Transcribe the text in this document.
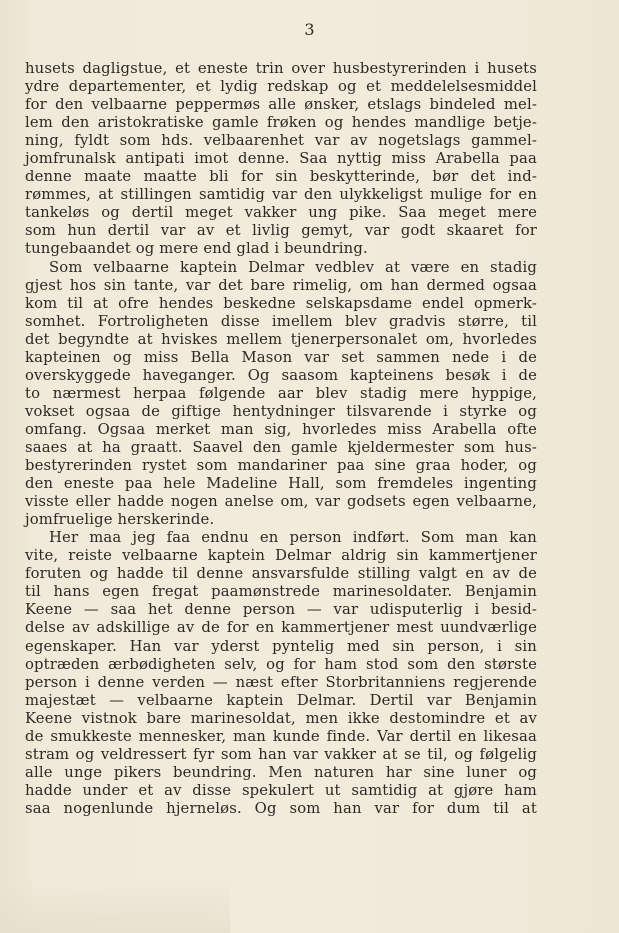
3
husets dagligstue, et eneste trin over husbestyrerinden i husets
ydre departementer, et lydig redskap og et meddelelsesmiddel
for den velbaarne peppermøs alle ønsker, etslags bindeled mel-
lem den aristokratiske gamle frøken og hendes mandlige betje-
ning, fyldt som hds. velbaarenhet var av nogetslags gammel-
jomfrunalsk antipati imot denne. Saa nyttig miss Arabella paa
denne maate maatte bli for sin beskytterinde, bør det ind-
rømmes, at stillingen samtidig var den ulykkeligst mulige for en
tankeløs og dertil meget vakker ung pike. Saa meget mere
som hun dertil var av et livlig gemyt, var godt skaaret for
tungebaandet og mere end glad i beundring.
Som velbaarne kaptein Delmar vedblev at være en stadig
gjest hos sin tante, var det bare rimelig, om han dermed ogsaa
kom til at ofre hendes beskedne selskapsdame endel opmerk-
somhet. Fortroligheten disse imellem blev gradvis større, til
det begyndte at hviskes mellem tjenerpersonalet om, hvorledes
kapteinen og miss Bella Mason var set sammen nede i de
overskyggede haveganger. Og saasom kapteinens besøk i de
to nærmest herpaa følgende aar blev stadig mere hyppige,
vokset ogsaa de giftige hentydninger tilsvarende i styrke og
omfang. Ogsaa merket man sig, hvorledes miss Arabella ofte
saaes at ha graatt. Saavel den gamle kjeldermester som hus-
bestyrerinden rystet som mandariner paa sine graa hoder, og
den eneste paa hele Madeline Hall, som fremdeles ingenting
visste eller hadde nogen anelse om, var godsets egen velbaarne,
jomfruelige herskerinde.
Her maa jeg faa endnu en person indført. Som man kan
vite, reiste velbaarne kaptein Delmar aldrig sin kammertjener
foruten og hadde til denne ansvarsfulde stilling valgt en av de
til hans egen fregat paamønstrede marinesoldater. Benjamin
Keene — saa het denne person — var udisputerlig i besid-
delse av adskillige av de for en kammertjener mest uundværlige
egenskaper. Han var yderst pyntelig med sin person, i sin
optræden ærbødigheten selv, og for ham stod som den største
person i denne verden — næst efter Storbritanniens regjerende
majestæt — velbaarne kaptein Delmar. Dertil var Benjamin
Keene vistnok bare marinesoldat, men ikke destomindre et av
de smukkeste mennesker, man kunde finde. Var dertil en likesaa
stram og veldressert fyr som han var vakker at se til, og følgelig
alle unge pikers beundring. Men naturen har sine luner og
hadde under et av disse spekulert ut samtidig at gjøre ham
saa nogenlunde hjerneløs. Og som han var for dum til at
